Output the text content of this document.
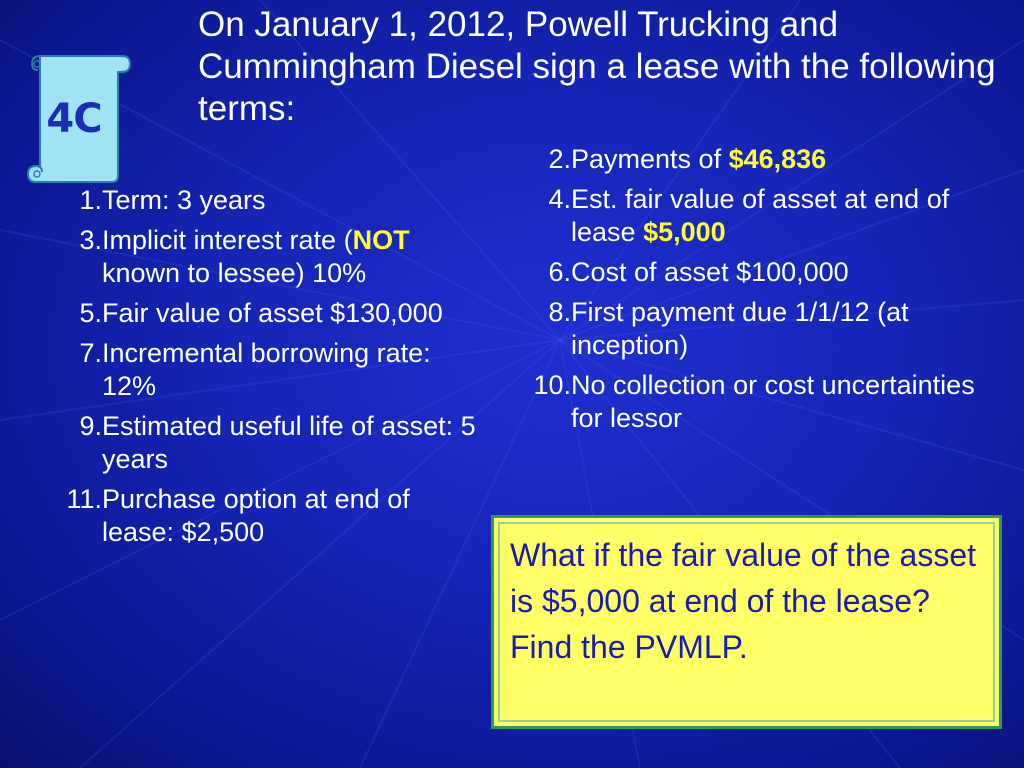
4C
On January 1, 2012, Powell Trucking and Cummingham Diesel sign a lease with the following terms:
1. Term: 3 years
3. Implicit interest rate (NOT known to lessee) 10%
5. Fair value of asset $130,000
7. Incremental borrowing rate: 12%
9. Estimated useful life of asset: 5 years
11. Purchase option at end of lease: $2,500
2. Payments of $46,836
4. Est. fair value of asset at end of lease $5,000
6. Cost of asset $100,000
8. First payment due 1/1/12 (at inception)
10. No collection or cost uncertainties for lessor

What if the fair value of the asset is $5,000 at end of the lease? Find the PVMLP.
